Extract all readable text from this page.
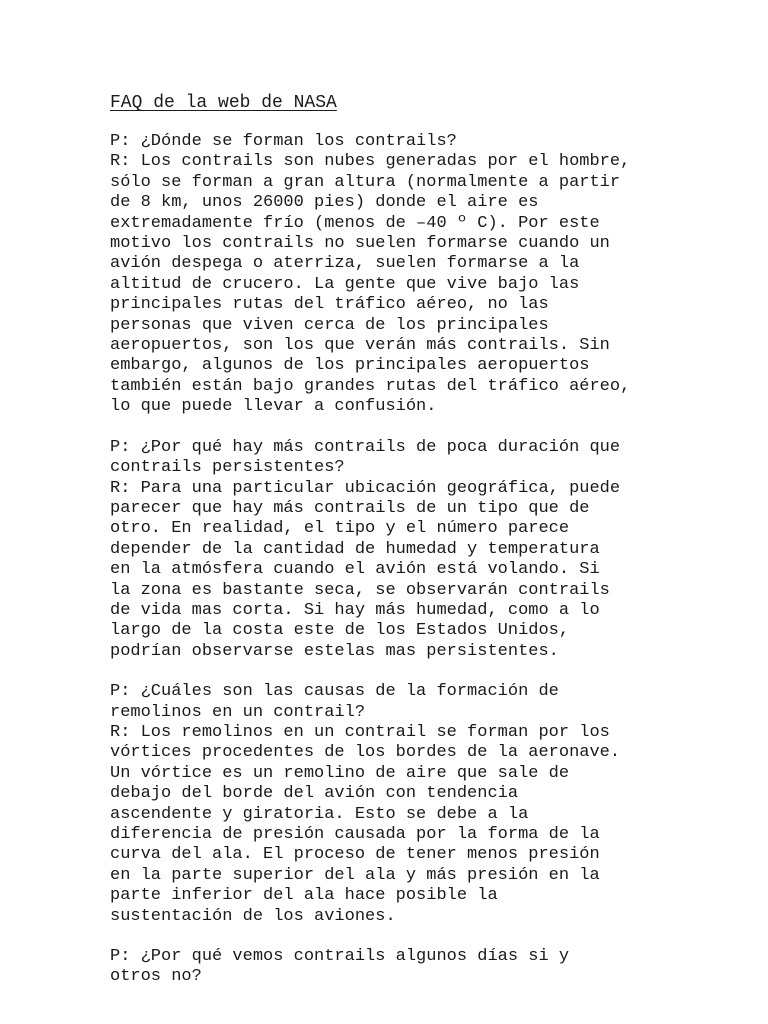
FAQ de la web de NASA

P: ¿Dónde se forman los contrails?

R: Los contrails son nubes generadas por el hombre,

sólo se forman a gran altura (normalmente a partir

de 8 km, unos 26000 pies) donde el aire es

extremadamente frío (menos de –40 º C). Por este

motivo los contrails no suelen formarse cuando un

avión despega o aterriza, suelen formarse a la

altitud de crucero. La gente que vive bajo las

principales rutas del tráfico aéreo, no las

personas que viven cerca de los principales

aeropuertos, son los que verán más contrails. Sin

embargo, algunos de los principales aeropuertos

también están bajo grandes rutas del tráfico aéreo,

lo que puede llevar a confusión.

P: ¿Por qué hay más contrails de poca duración que

contrails persistentes?

R: Para una particular ubicación geográfica, puede

parecer que hay más contrails de un tipo que de

otro. En realidad, el tipo y el número parece

depender de la cantidad de humedad y temperatura

en la atmósfera cuando el avión está volando. Si

la zona es bastante seca, se observarán contrails

de vida mas corta. Si hay más humedad, como a lo

largo de la costa este de los Estados Unidos,

podrían observarse estelas mas persistentes.

P: ¿Cuáles son las causas de la formación de

remolinos en un contrail?

R: Los remolinos en un contrail se forman por los

vórtices procedentes de los bordes de la aeronave.

Un vórtice es un remolino de aire que sale de

debajo del borde del avión con tendencia

ascendente y giratoria. Esto se debe a la

diferencia de presión causada por la forma de la

curva del ala. El proceso de tener menos presión

en la parte superior del ala y más presión en la

parte inferior del ala hace posible la

sustentación de los aviones.

P: ¿Por qué vemos contrails algunos días si y

otros no?
